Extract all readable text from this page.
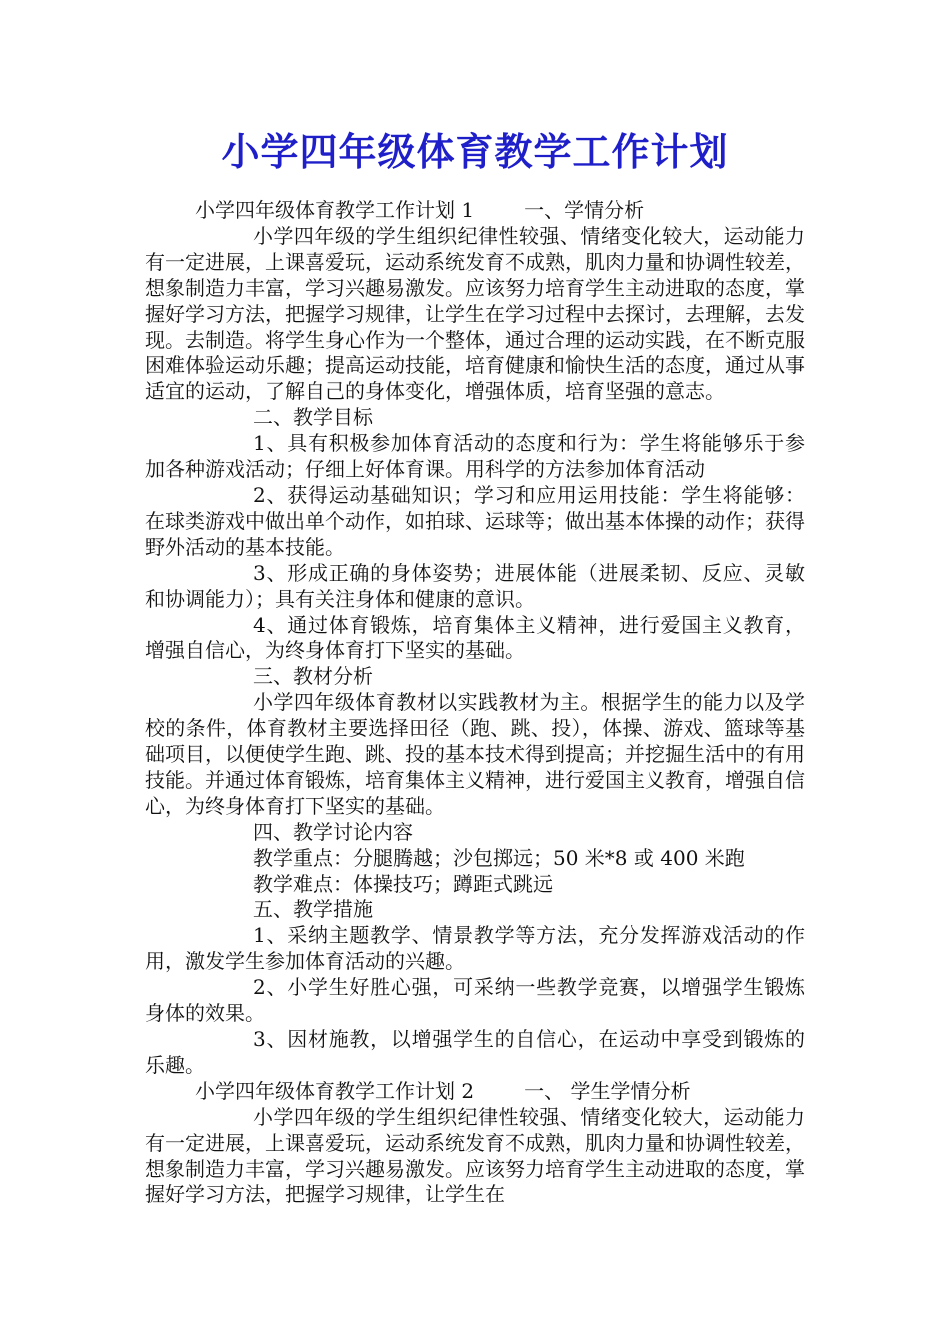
小学四年级体育教学工作计划

小学四年级体育教学工作计划 1	一、学情分析

小学四年级的学生组织纪律性较强、情绪变化较大，运动能力有一定进展，上课喜爱玩，运动系统发育不成熟，肌肉力量和协调性较差，想象制造力丰富，学习兴趣易激发。应该努力培育学生主动进取的态度，掌握好学习方法，把握学习规律，让学生在学习过程中去探讨，去理解，去发现。去制造。将学生身心作为一个整体，通过合理的运动实践，在不断克服困难体验运动乐趣；提高运动技能，培育健康和愉快生活的态度，通过从事适宜的运动，了解自己的身体变化，增强体质，培育坚强的意志。

二、教学目标

1、具有积极参加体育活动的态度和行为：学生将能够乐于参加各种游戏活动；仔细上好体育课。用科学的方法参加体育活动

2、获得运动基础知识；学习和应用运用技能：学生将能够：在球类游戏中做出单个动作，如拍球、运球等；做出基本体操的动作；获得野外活动的基本技能。

3、形成正确的身体姿势；进展体能（进展柔韧、反应、灵敏和协调能力）；具有关注身体和健康的意识。

4、通过体育锻炼，培育集体主义精神，进行爱国主义教育，增强自信心，为终身体育打下坚实的基础。

三、教材分析

小学四年级体育教材以实践教材为主。根据学生的能力以及学校的条件，体育教材主要选择田径（跑、跳、投），体操、游戏、篮球等基础项目，以便使学生跑、跳、投的基本技术得到提高；并挖掘生活中的有用技能。并通过体育锻炼，培育集体主义精神，进行爱国主义教育，增强自信心，为终身体育打下坚实的基础。

四、教学讨论内容

教学重点：分腿腾越；沙包掷远；50 米*8 或 400 米跑

教学难点：体操技巧；蹲距式跳远

五、教学措施

1、采纳主题教学、情景教学等方法，充分发挥游戏活动的作用，激发学生参加体育活动的兴趣。

2、小学生好胜心强，可采纳一些教学竞赛，以增强学生锻炼身体的效果。

3、因材施教，以增强学生的自信心，在运动中享受到锻炼的乐趣。

小学四年级体育教学工作计划 2	一、 学生学情分析

小学四年级的学生组织纪律性较强、情绪变化较大，运动能力有一定进展，上课喜爱玩，运动系统发育不成熟，肌肉力量和协调性较差，想象制造力丰富，学习兴趣易激发。应该努力培育学生主动进取的态度，掌握好学习方法，把握学习规律，让学生在
